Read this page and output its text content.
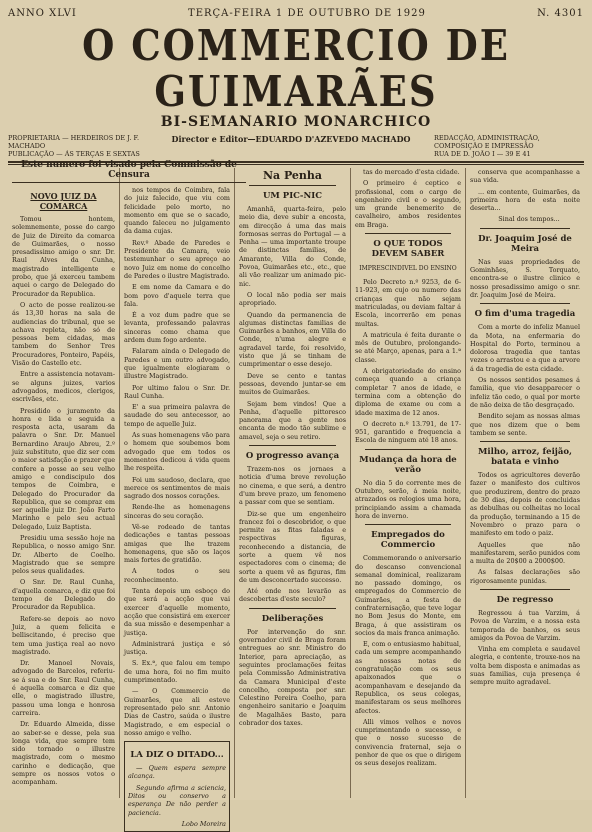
ANNO XLVI	TERÇA-FEIRA 1 DE OUTUBRO DE 1929	N. 4301
O COMMERCIO DE GUIMARÃES
BI-SEMANARIO MONARCHICO
PROPRIETARIA — HERDEIROS DE J. F. MACHADO
PUBLICAÇÃO — ÁS TERÇAS E SEXTAS
Director e Editor—EDUARDO D'AZEVEDO MACHADO	REDACÇÃO, ADMINISTRAÇÃO, COMPOSIÇÃO E IMPRESSÃO
RUA DE D. JOÃO I — 39 E 41
NOVO JUIZ DA COMARCA

Tomou hontem, solemnemente, posse do cargo de Juiz de Direito da comarca de Guimarães, o nosso presadissimo amigo o snr. Dr. Raul Alves da Cunha, magistrado intelligente e probo, que já exerceu tambem aquei o cargo de Delegado do Procurador da Republica.

O acto de posse realizou-se ás 13,30 horas na sala de audiencias do tribunal, que se achava repleta, não só de pessoas bem cidadas, mas tambem do Senhor Tres Procuradores, Ponteiro, Papéis, Visão do Castello etc.

Entre a assistencia notavam-se alguns juizes, varios advogados, medicos, clerigos, escrivães, etc.

Presidido o juramento da honra e lida e seguida a resposta acta, usaram da palavra o Snr. Dr. Manuel Bernardino Araujo Abreu, 2.º juiz substituto, que diz ser com o maior satisfação e prazer que confere a posse ao seu velho amigo e condiscipulo dos tempos de Coimbra, e Delegado do Procurador da Republica, que se compraz em ser aquelle juiz Dr. João Farto Marinho e pelo seu actual Delegado, Luiz Baptista.

Presidiu uma sessão hoje na Republica, o nosso amigo Snr. Dr. Alberto de Coelho. Magistrado que se sempre pelos seus qualidades.

O Snr. Dr. Raul Cunha, d'aquella comarca, e diz que foi tempo de Delegado do Procurador da Republica.

Refere-se depois ao novo Juiz, a quem felicita e belliscitando, é preciso que tem uma justiça real ao novo magistrado.

Dr. Manoel Novais, advogado de Barcelos, referiu-se á sua e do Snr. Raul Cunha, é aquella comarca e diz que elle, o magistrado illustre, passou uma longa e honrosa carreira.

Dr. Eduardo Almeida, disse ao saber-se e desse, pela sua longa vida, que sempre tem sido tornado o illustre magistrado, com o mesmo carinho e dedicação, que sempre os nossos votos o acompanham.

nos tempos de Coimbra, fala do juiz falecido, que viu com felicidade pelo morto, no momento em que se o sacado, quando faleceu no julgamento da dama cujas.

Rev.º Abade de Paredes e Presidente da Camara, veio testemunhar o seu apreço ao novo Juiz em nome do concelho de Paredes o ilustre Magistrado.

E em nome da Camara e do bom povo d'aquele terra que fala.

É a voz dum padre que se levanta, professando palavras sinceras como chama que ardem dum fogo ardente.

Falaram ainda o Delegado de Paredes e um outro advogado, que igualmente elogiaram o illustre Magistrado.

Por ultimo falou o Snr. Dr. Raul Cunha.

E' a sua primeira palavra de saudade do seu antecessor, ao tempo de aquelle Juiz.

As suas homenagens vão para o homem que soubemos bom advogado que em todos os momentos dedicou á vida quem lhe respeita.

Foi um saudoso, declara, que merece os sentimentos de mais sagrado dos nossos corações.

Rende-lhe as homenagens sinceras do seu coração.

Vê-se rodeado de tantas dedicações e tantas pessoas amigas que lhe trazem homenagens, que são os laços mais fortes de gratidão.

A todos o seu reconhecimento.

Tenta depois um esboço do que será a acção que vai exercer d'aquelle momento, acção que consistirá em exercer da sua missão e desempenhar a justiça.

Administrará justiça e só justiça.

S. Ex.ª, que falou em tempo de uma hora, foi no fim muito cumprimentado.

— O Commercio de Guimarães, que ali esteve representado pelo snr. Antonio Dias de Castro, saúda o ilustre Magistrado, e em especial o nosso amigo e velho.

LA DIZ O DITADO...

— Quem espera sempre alcança.

Segundo afirma a sciencia, Ditos ou conservo a esperança De não perder a paciencia.

Lobo Moreira
Na Penha
UM PIC-NIC

Amanhã, quarta-feira, pelo meio dia, deve subir a encosta, em direcção á uma das mais formosas serras do Portugal — a Penha — uma importante troupe de distinctas familias, de Amarante, Villa do Conde, Povoa, Guimarães etc., etc., que ali vão realizar um animado pic-nic.

O local não podia ser mais apropriado.

Quando da permanencia de algumas distinctas familias de Guimarães a banhos, em Villa do Conde, n'uma alegre e agradavel tarde, foi resolvido, visto que já se tinham de cumprimentar o esse desejo.

Deve se cento e tantas pessoas, devendo juntar-se em muitos de Guimarães.

Sejam bem vindos! Que a Penha, d'aquelle pittoresco panorama que a gente nos encanta de modo tão sublime e amavel, seja o seu retiro.

O progresso avança

Trazem-nos os jornaes a noticia d'uma breve revolução no cinema, e que será, a dentro d'um breve prazo, um fenomeno a passar com que se sentiam.

Diz-se que um engenheiro francez foi o descobridor, o que permite as fitas faladas e respectivas figuras, reconhecendo a distancia, de sorte a quem vê nos espectadores com o cinema; de sorte a quem vê as figuras, fim de um desconcertado successo.

Até onde nos levarão as descobertas d'este seculo?

Deliberações

Por intervenção do snr. governador civil de Braga foram entregues ao snr. Ministro do Interior, para apreciação, as seguintes proclamações feitas pela Commissão Administrativa da Camara Municipal d'este concelho, composta por snr. Celestino Pereira Coelho, para engenheiro sanitario e Joaquim de Magalhães Basto, para cobrador dos taxes.

tas do mercado d'esta cidade.

O primeiro é ceptico e profissional, com o cargo de engenheiro civil e o segundo, um grande benemerito de cavalheiro, ambos residentes em Braga.

O QUE TODOS DEVEM SABER
IMPRESCINDIVEL DO ENSINO

Pelo Decreto n.º 9253, de 6-11-923, em cujo ou numero das crianças que não sejam matriculadas, ou deviam faltar á Escola, incorrerão em penas multas.

A matricula é feita durante o mês de Outubro, prolongando-se até Março, apenas, para a 1.ª classe.

A obrigatoriedade do ensino começa quando a criança completar 7 anos de idade, e termina com a obtenção do diploma de exame ou com a idade maxima de 12 anos.

O decreto n.º 13.791, de 17-951, garantido e frequencia a Escola de ninguem até 18 anos.

Mudança da hora de verão

No dia 5 do corrente mes de Outubro, serão, á meia noite, atrazados os relogios uma hora, principiando assim a chamada hora de inverno.

Empregados do Commercio

Commemorando o aniversario do descanso convencional semanal dominical, realizaram no passado domingo, os empregados do Commercio de Guimarães, a festa de confraternisação, que teve logar no Bom Jesus do Monte, em Braga, á que assistiram os socios da mais franca animação.

E, com o entusiasmo habitual, cada um sempre acompanhando as nossas notas de congratulação com os seus apaixonados que o acompanhavam e desejando da Republica, os seus colegas, manifestaram os seus melhores afectos.

Alli vimos velhos e novos cumprimentando o sucesso, e que o nosso sucesso de convivencia fraternal, seja o penhor de que os que o dirigem os seus desejos realizam.

conserva que acompanhasse a sua vida.

... em contente, Guimarães, da primeira hora de esta noite deserta...

Sinal dos tempos...

Dr. Joaquim José de Meira

Nas suas propriedades de Gominhães, S. Torquato, encontra-se o ilustre clinico e nosso presadissimo amigo o snr. dr. Joaquim José de Meira.

O fim d'uma tragedia

Com a morte do infeliz Manuel da Mota, na enfermaria do Hospital do Porto, terminou a dolorosa tragedia que tantas vezes o arrastou e a que a arvore á da tragedia de esta cidade.

Os nossos sentidos pesames á familia, que vio desapparecer o infeliz tão cedo, o qual por morte de não deixa de tão desgraçado.

Bendito sejam as nossas almas que nos dizem que o bem tambem se sente.

Milho, arroz, feijão, batata e vinho

Todos os agricultores deverão fazer o manifesto dos cultivos que produzirem, dentro do prazo de 30 dias, depois de concluidas as debulhas ou colheitas no local da produção, terminando a 15 de Novembro o prazo para o manifesto em todo o paiz.

Aquelles que não manifestarem, serão punidos com a multa de 20$00 a 2000$00.

As falsas declarações são rigorosamente punidas.

De regresso

Regressou á tua Varzim, á Povoa de Varzim, e a nossa esta temporada de banhos, os seus amigos da Povoa de Varzim.

Vinha em completa e saudavel alegria, e contente, trouxe-nos na volta bem disposta e animadas as suas familias, cuja presença é sempre muito agradavel.

Este numero foi visado pela Commissão de Censura
